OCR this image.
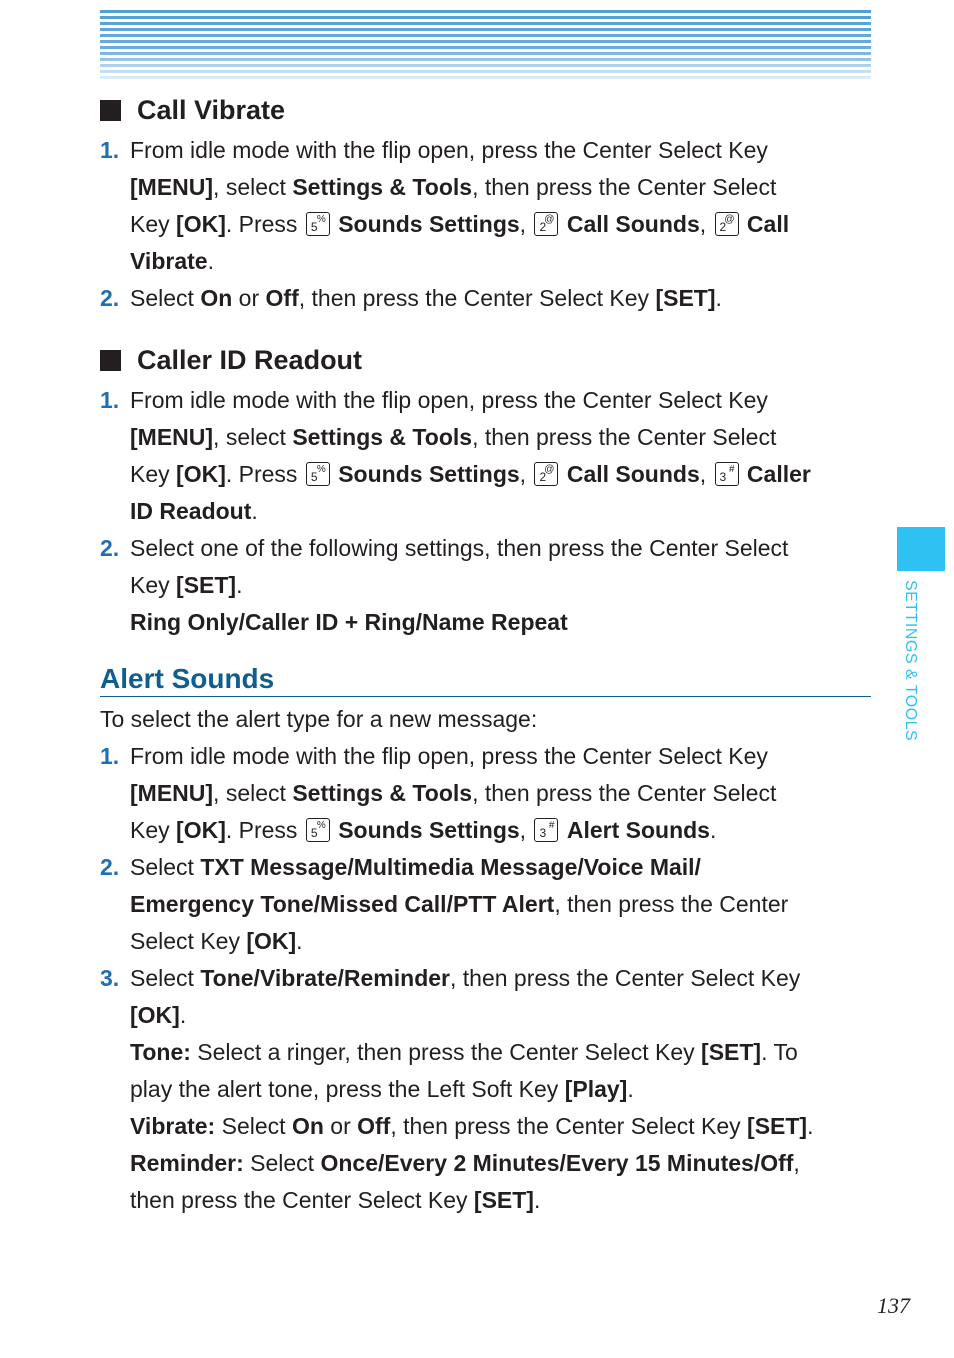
SETTINGS & TOOLS
Call Vibrate
1. From idle mode with the flip open, press the Center Select Key

[MENU], select Settings & Tools, then press the Center Select

Key [OK]. Press 5
% Sounds Settings, 2
@ Call Sounds, 2
@ Call

Vibrate.

2. Select On or Off, then press the Center Select Key [SET].

Caller ID Readout
1. From idle mode with the flip open, press the Center Select Key

[MENU], select Settings & Tools, then press the Center Select

Key [OK]. Press 5
% Sounds Settings, 2
@ Call Sounds, 3
# Caller

ID Readout.

2. Select one of the following settings, then press the Center Select

Key [SET].

Ring Only/Caller ID + Ring/Name Repeat

Alert Sounds

To select the alert type for a new message:

1. From idle mode with the flip open, press the Center Select Key

[MENU], select Settings & Tools, then press the Center Select

Key [OK]. Press 5
% Sounds Settings, 3
# Alert Sounds.

2. Select TXT Message/Multimedia Message/Voice Mail/

Emergency Tone/Missed Call/PTT Alert, then press the Center

Select Key [OK].

3. Select Tone/Vibrate/Reminder, then press the Center Select Key

[OK].

Tone: Select a ringer, then press the Center Select Key [SET]. To

play the alert tone, press the Left Soft Key [Play].

Vibrate: Select On or Off, then press the Center Select Key [SET].

Reminder: Select Once/Every 2 Minutes/Every 15 Minutes/Off,

then press the Center Select Key [SET].

137
